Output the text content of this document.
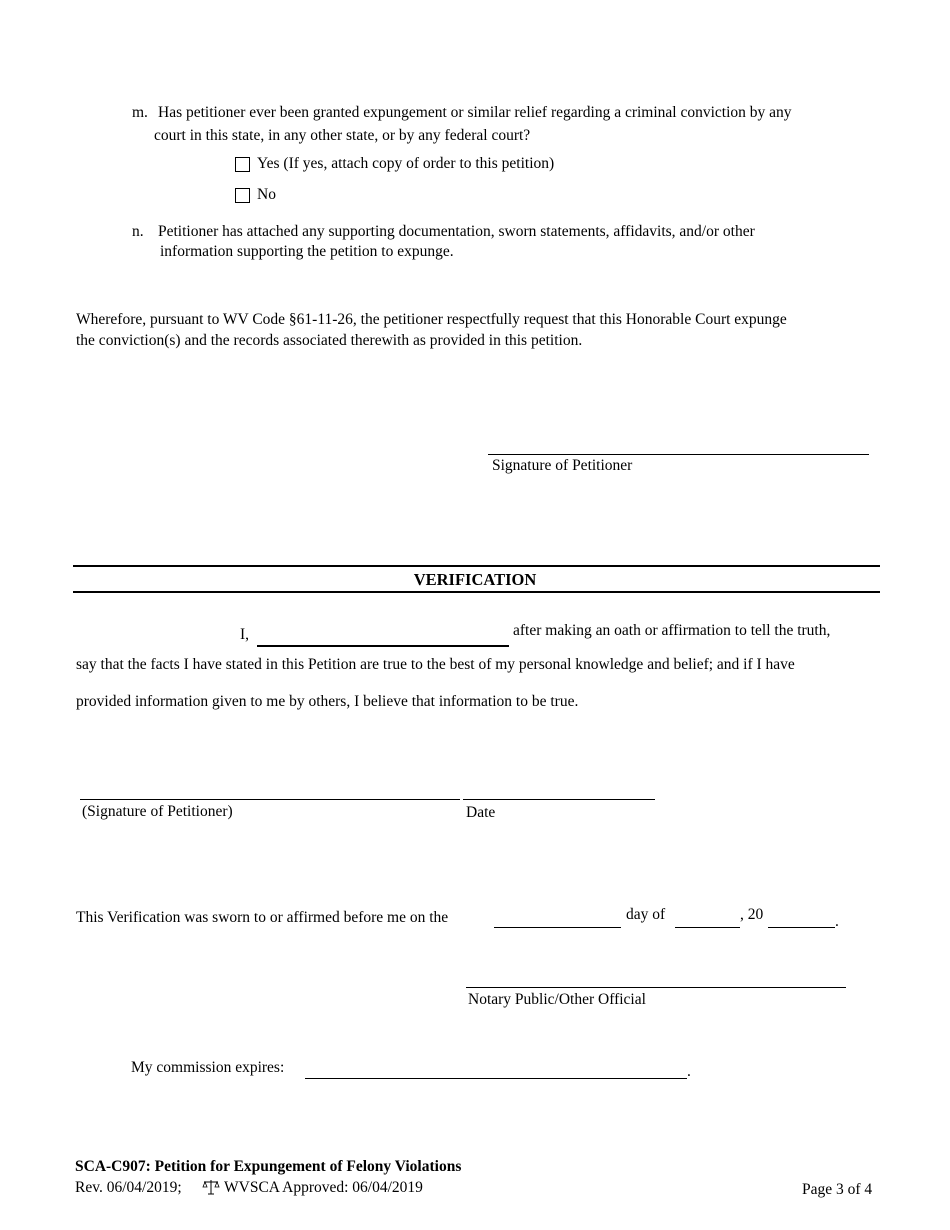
m. Has petitioner ever been granted expungement or similar relief regarding a criminal conviction by any
court in this state, in any other state, or by any federal court?
Yes (If yes, attach copy of order to this petition)
No
n. Petitioner has attached any supporting documentation, sworn statements, affidavits, and/or other
information supporting the petition to expunge.
Wherefore, pursuant to WV Code §61-11-26, the petitioner respectfully request that this Honorable Court expunge
the conviction(s) and the records associated therewith as provided in this petition.
Signature of Petitioner
VERIFICATION
I,	after making an oath or affirmation to tell the truth,
say that the facts I have stated in this Petition are true to the best of my personal knowledge and belief; and if I have
provided information given to me by others, I believe that information to be true.
(Signature of Petitioner)	Date
This Verification was sworn to or affirmed before me on the	day of	, 20	.
Notary Public/Other Official
My commission expires:	.
SCA-C907: Petition for Expungement of Felony Violations
Rev. 06/04/2019;	WVSCA Approved: 06/04/2019	Page 3 of 4
